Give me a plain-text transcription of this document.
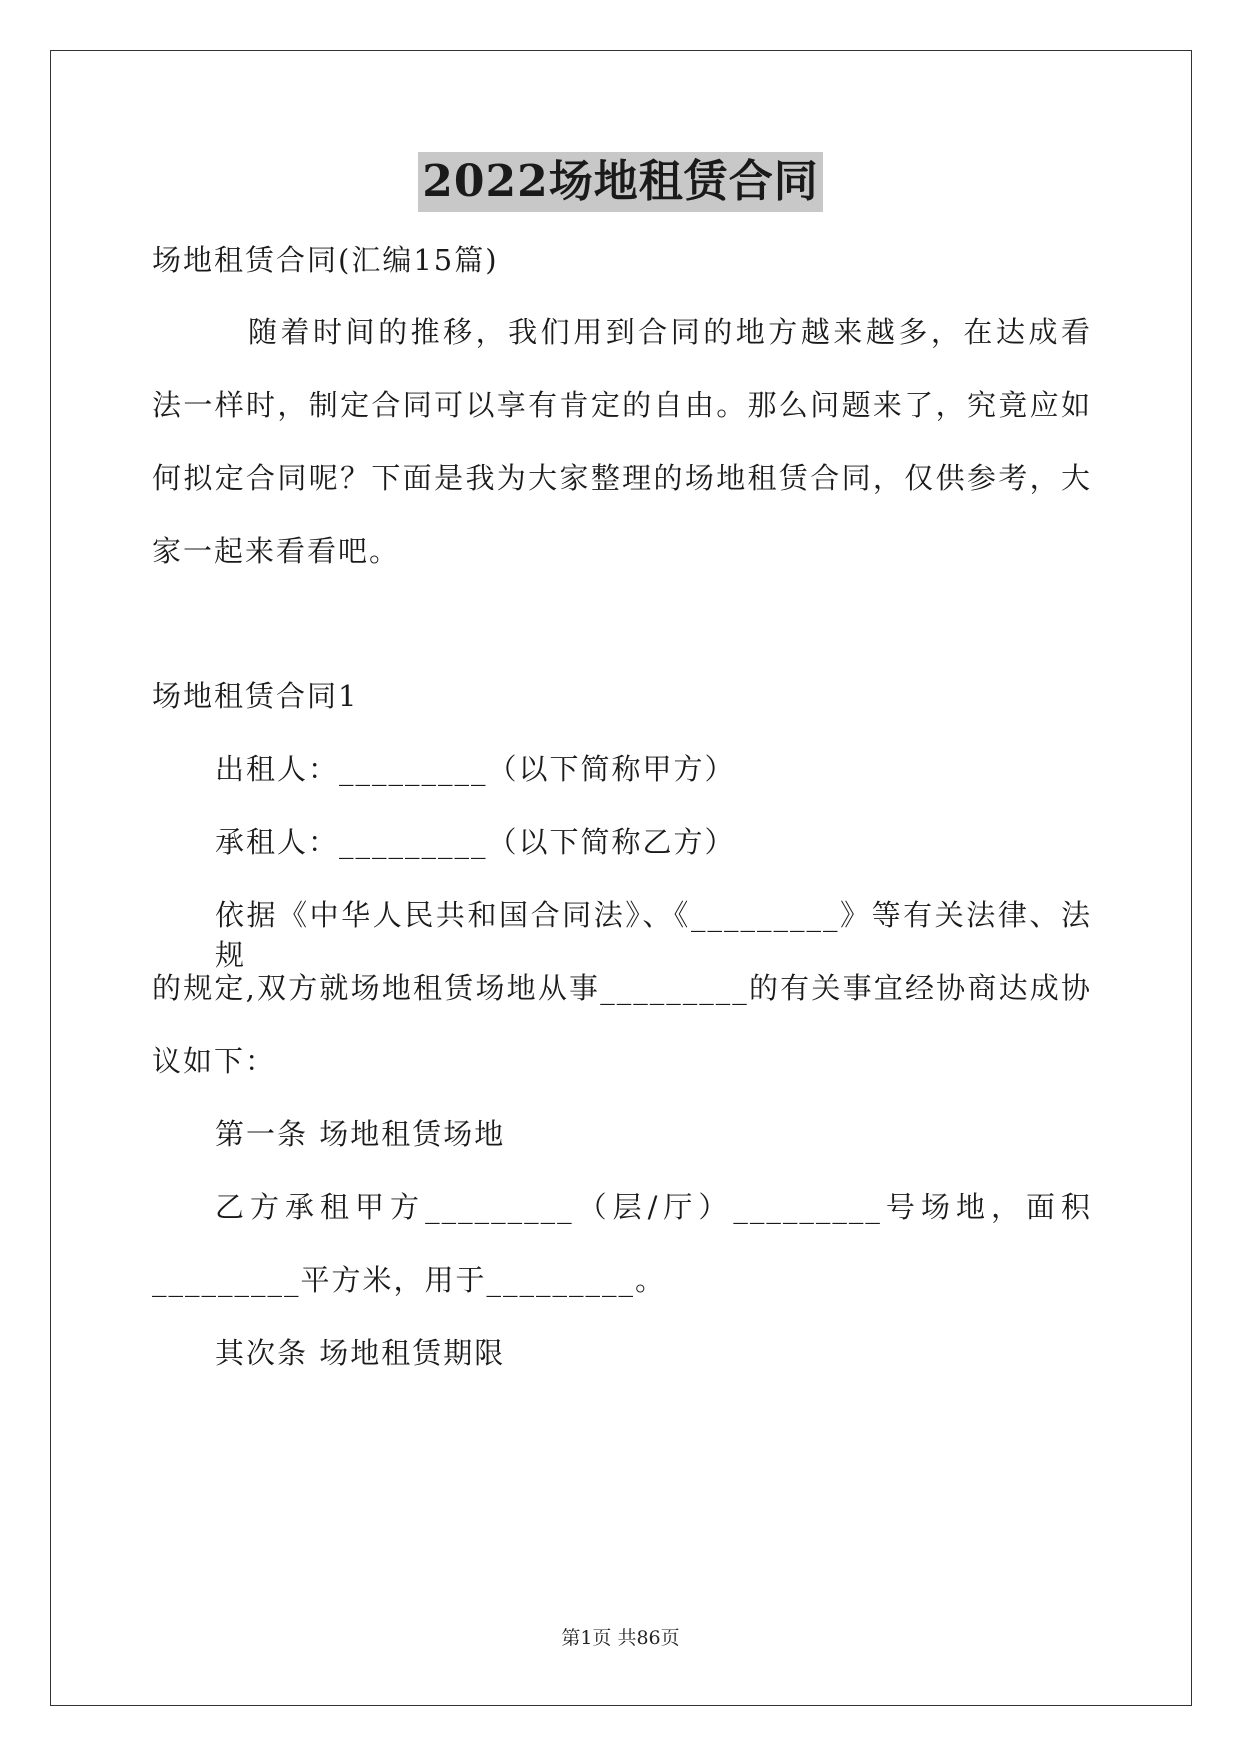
2022场地租赁合同
场地租赁合同(汇编15篇)
随着时间的推移，我们用到合同的地方越来越多，在达成看
法一样时，制定合同可以享有肯定的自由。那么问题来了，究竟应如
何拟定合同呢？下面是我为大家整理的场地租赁合同，仅供参考，大
家一起来看看吧。
场地租赁合同1
出租人：_________（以下简称甲方）
承租人：_________（以下简称乙方）
依据《中华人民共和国合同法》、《_________》等有关法律、法规
的规定,双方就场地租赁场地从事_________的有关事宜经协商达成协
议如下：
第一条 场地租赁场地
乙方承租甲方_________（层/厅）_________号场地，面积
_________平方米，用于_________。
其次条 场地租赁期限
第1页 共86页
